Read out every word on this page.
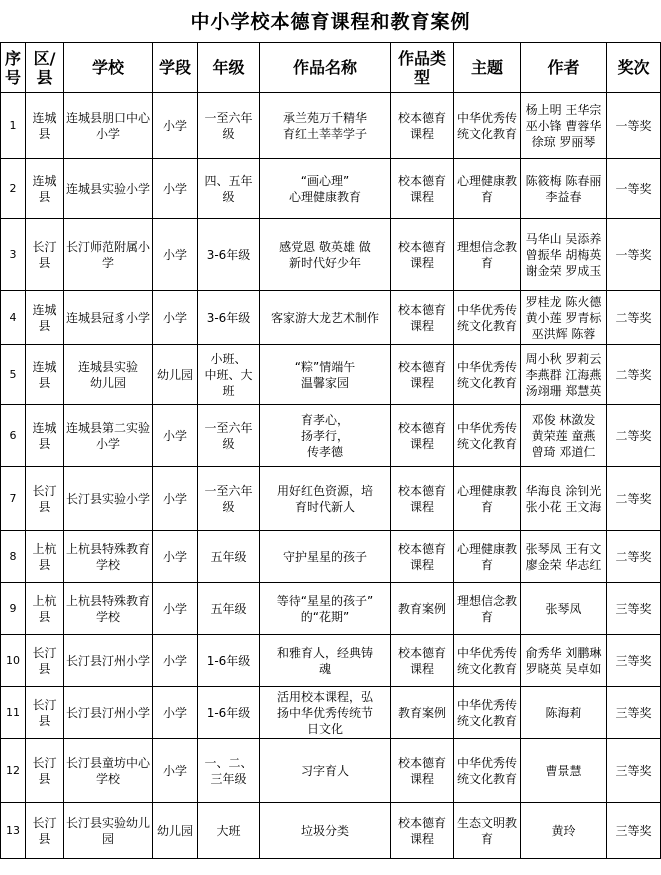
中小学校本德育课程和教育案例
序号	区/县	学校	学段	年级	作品名称	作品类型	主题	作者	奖次
1	连城县	连城县朋口中心小学	小学	一至六年级	承兰苑万千精华
育红土莘莘学子	校本德育课程	中华优秀传统文化教育	杨上明 王华宗
巫小锋 曹蓉华
徐琼 罗丽琴	一等奖
2	连城县	连城县实验小学	小学	四、五年级	“画心理”
心理健康教育	校本德育课程	心理健康教育	陈筱梅 陈春丽
李益春	一等奖
3	长汀县	长汀师范附属小学	小学	3-6年级	感党恩 敬英雄 做
新时代好少年	校本德育课程	理想信念教育	马华山 吴添养
曾振华 胡梅英
谢金荣 罗成玉	一等奖
4	连城县	连城县冠豸小学	小学	3-6年级	客家游大龙艺术制作	校本德育课程	中华优秀传统文化教育	罗桂龙 陈火德
黄小莲 罗青标
巫洪辉 陈蓉	二等奖
5	连城县	连城县实验
幼儿园	幼儿园	小班、
中班、大班	“粽”情端午
温馨家园	校本德育课程	中华优秀传统文化教育	周小秋 罗莉云
李燕群 江海燕
汤翊珊 郑慧英	二等奖
6	连城县	连城县第二实验小学	小学	一至六年级	育孝心，
扬孝行，
传孝德	校本德育课程	中华优秀传统文化教育	邓俊 林潋发
黄荣莲 童燕
曾琦 邓道仁	二等奖
7	长汀县	长汀县实验小学	小学	一至六年级	用好红色资源，培
育时代新人	校本德育课程	心理健康教育	华海良 涂钊光
张小花 王文海	二等奖
8	上杭县	上杭县特殊教育学校	小学	五年级	守护星星的孩子	校本德育课程	心理健康教育	张琴凤 王有文
廖金荣 华志红	二等奖
9	上杭县	上杭县特殊教育学校	小学	五年级	等待“星星的孩子”
的“花期”	教育案例	理想信念教育	张琴凤	三等奖
10	长汀县	长汀县汀州小学	小学	1-6年级	和雅育人，经典铸
魂	校本德育课程	中华优秀传统文化教育	俞秀华 刘鹏琳
罗晓英 吴卓如	三等奖
11	长汀县	长汀县汀州小学	小学	1-6年级	活用校本课程，弘
扬中华优秀传统节
日文化	教育案例	中华优秀传统文化教育	陈海莉	三等奖
12	长汀县	长汀县童坊中心学校	小学	一、二、
三年级	习字育人	校本德育课程	中华优秀传统文化教育	曹景慧	三等奖
13	长汀县	长汀县实验幼儿园	幼儿园	大班	垃圾分类	校本德育课程	生态文明教育	黄玲	三等奖
